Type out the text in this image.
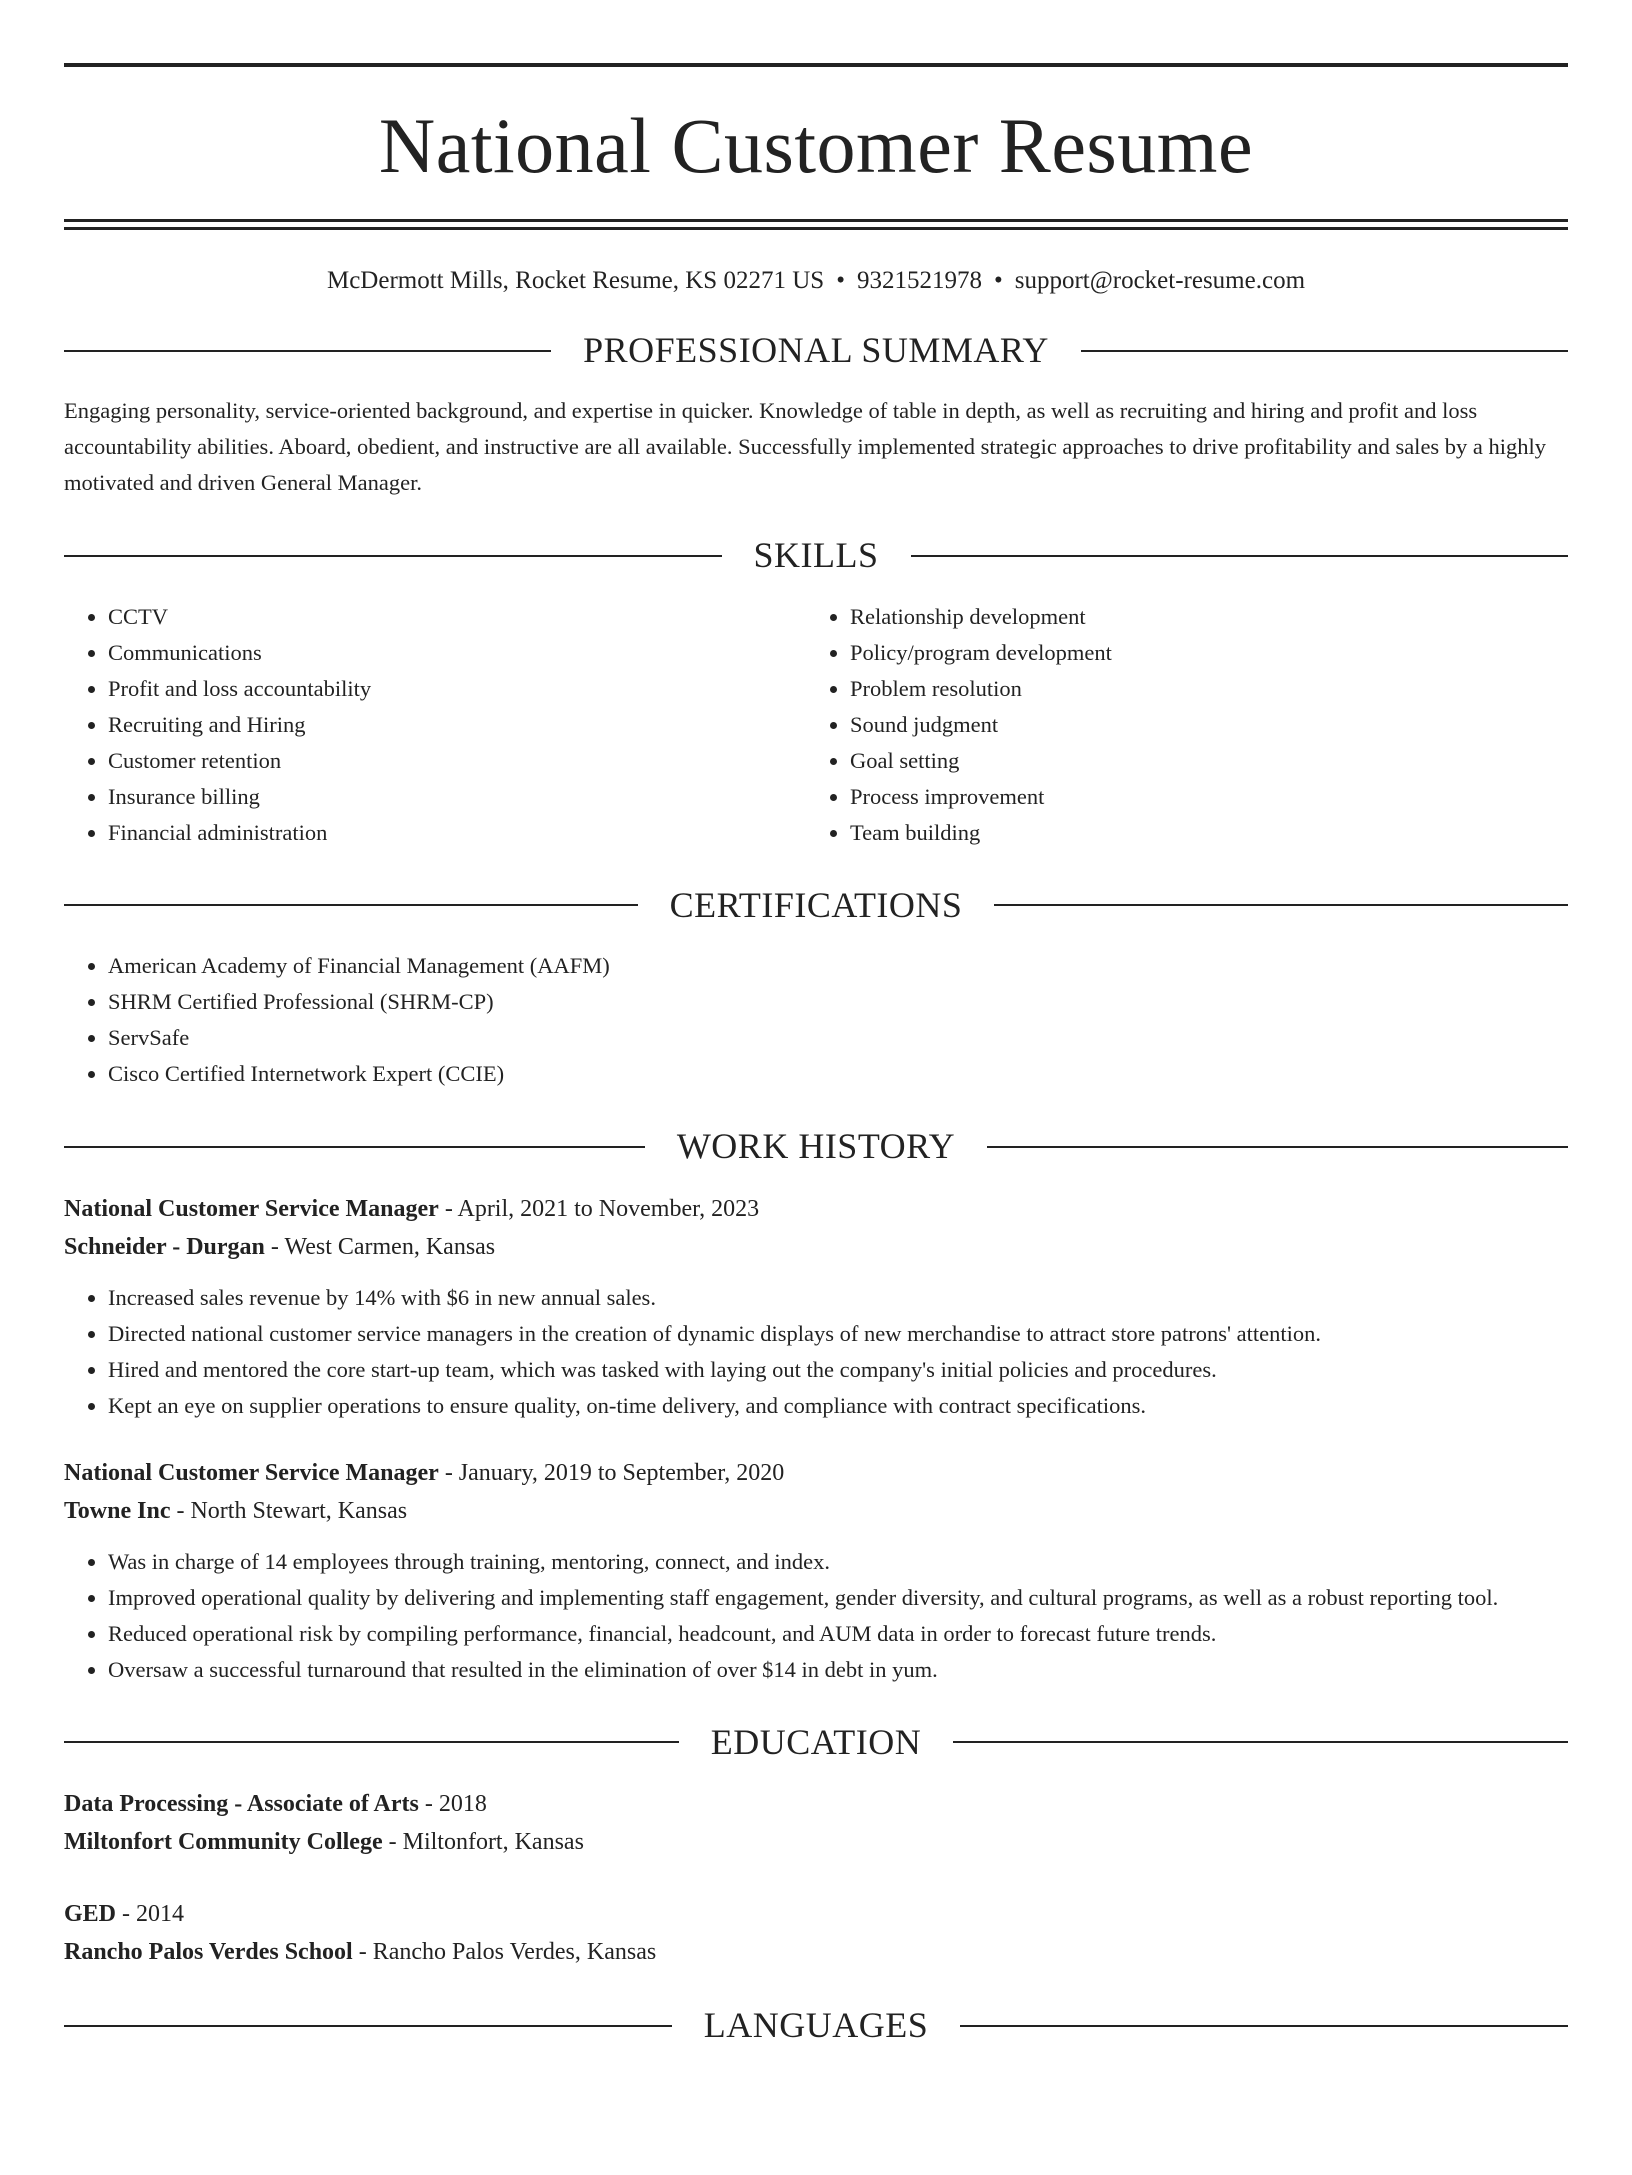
National Customer Resume
McDermott Mills, Rocket Resume, KS 02271 US • 9321521978 • support@rocket-resume.com
PROFESSIONAL SUMMARY
Engaging personality, service-oriented background, and expertise in quicker. Knowledge of table in depth, as well as recruiting and hiring and profit and loss accountability abilities. Aboard, obedient, and instructive are all available. Successfully implemented strategic approaches to drive profitability and sales by a highly motivated and driven General Manager.
SKILLS
• CCTV
• Communications
• Profit and loss accountability
• Recruiting and Hiring
• Customer retention
• Insurance billing
• Financial administration
• Relationship development
• Policy/program development
• Problem resolution
• Sound judgment
• Goal setting
• Process improvement
• Team building
CERTIFICATIONS
• American Academy of Financial Management (AAFM)
• SHRM Certified Professional (SHRM-CP)
• ServSafe
• Cisco Certified Internetwork Expert (CCIE)
WORK HISTORY
National Customer Service Manager - April, 2021 to November, 2023
Schneider - Durgan - West Carmen, Kansas
• Increased sales revenue by 14% with $6 in new annual sales.
• Directed national customer service managers in the creation of dynamic displays of new merchandise to attract store patrons' attention.
• Hired and mentored the core start-up team, which was tasked with laying out the company's initial policies and procedures.
• Kept an eye on supplier operations to ensure quality, on-time delivery, and compliance with contract specifications.
National Customer Service Manager - January, 2019 to September, 2020
Towne Inc - North Stewart, Kansas
• Was in charge of 14 employees through training, mentoring, connect, and index.
• Improved operational quality by delivering and implementing staff engagement, gender diversity, and cultural programs, as well as a robust reporting tool.
• Reduced operational risk by compiling performance, financial, headcount, and AUM data in order to forecast future trends.
• Oversaw a successful turnaround that resulted in the elimination of over $14 in debt in yum.
EDUCATION
Data Processing - Associate of Arts - 2018
Miltonfort Community College - Miltonfort, Kansas
GED - 2014
Rancho Palos Verdes School - Rancho Palos Verdes, Kansas
LANGUAGES
